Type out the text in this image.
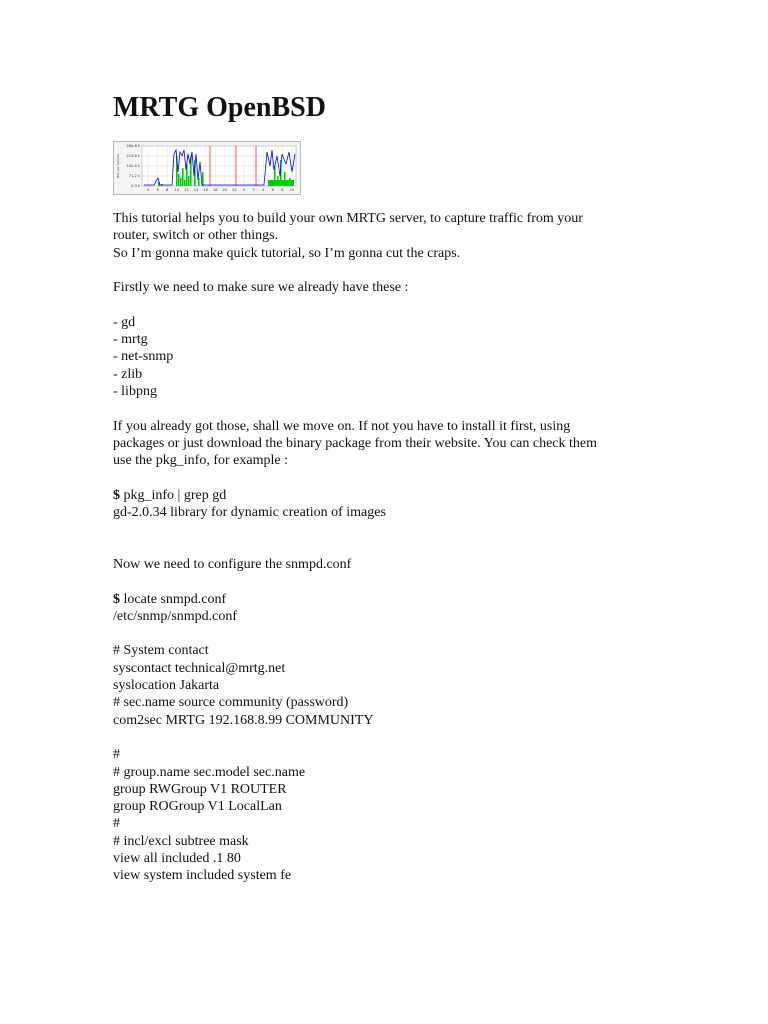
MRTG OpenBSD
Bits per Second
284.8 k
213.6 k
142.4 k
71.2 k
0.0 k
4 6 8 10 12 14 16 18 20 22 0 2 4 6 8 10
This tutorial helps you to build your own MRTG server, to capture traffic from your
router, switch or other things.
So I’m gonna make quick tutorial, so I’m gonna cut the craps.
Firstly we need to make sure we already have these :
- gd
- mrtg
- net-snmp
- zlib
- libpng
If you already got those, shall we move on. If not you have to install it first, using
packages or just download the binary package from their website. You can check them
use the pkg_info, for example :
$ pkg_info | grep gd
gd-2.0.34 library for dynamic creation of images
Now we need to configure the snmpd.conf
$ locate snmpd.conf
/etc/snmp/snmpd.conf
# System contact
syscontact technical@mrtg.net
syslocation Jakarta
# sec.name source community (password)
com2sec MRTG 192.168.8.99 COMMUNITY
#
# group.name sec.model sec.name
group RWGroup V1 ROUTER
group ROGroup V1 LocalLan
#
# incl/excl subtree mask
view all included .1 80
view system included system fe
